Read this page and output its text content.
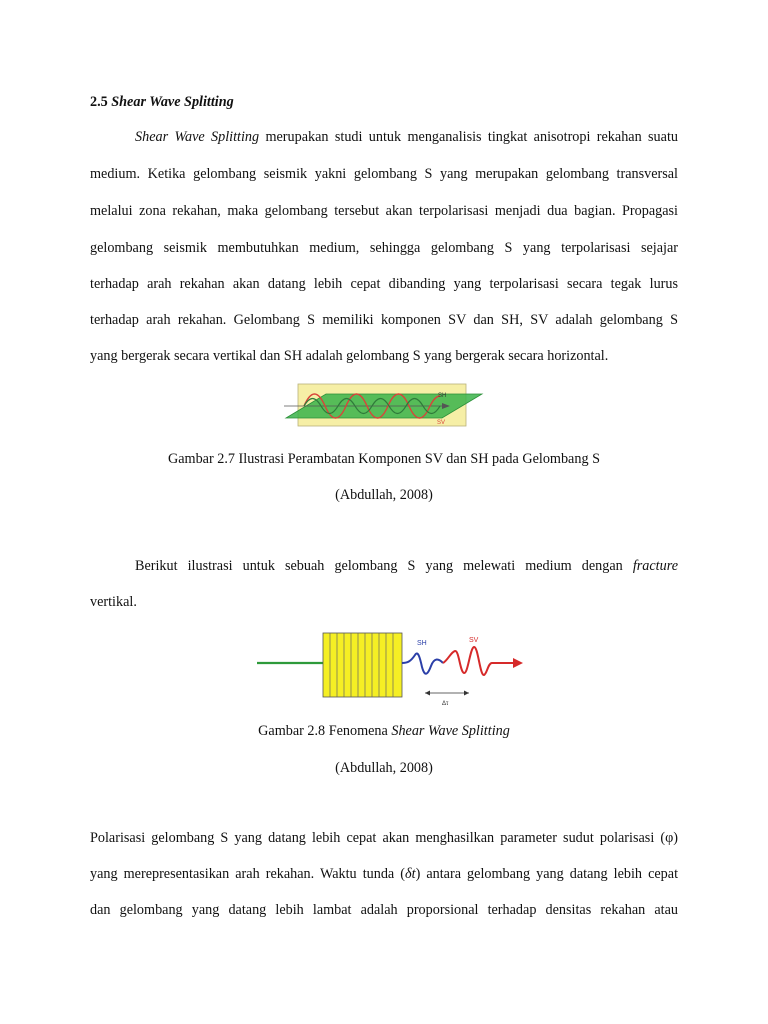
2.5 Shear Wave Splitting
Shear Wave Splitting merupakan studi untuk menganalisis tingkat anisotropi rekahan suatu
medium. Ketika gelombang seismik yakni gelombang S yang merupakan gelombang transversal
melalui zona rekahan, maka gelombang tersebut akan terpolarisasi menjadi dua bagian. Propagasi
gelombang seismik membutuhkan medium, sehingga gelombang S yang terpolarisasi sejajar
terhadap arah rekahan akan datang lebih cepat dibanding yang terpolarisasi secara tegak lurus
terhadap arah rekahan. Gelombang S memiliki komponen SV dan SH, SV adalah gelombang S
yang bergerak secara vertikal dan SH adalah gelombang S yang bergerak secara horizontal.
SH
SV
Gambar 2.7 Ilustrasi Perambatan Komponen SV dan SH pada Gelombang S
(Abdullah, 2008)
Berikut ilustrasi untuk sebuah gelombang S yang melewati medium dengan fracture
vertikal.
SH	SV
Δτ
Gambar 2.8 Fenomena Shear Wave Splitting
(Abdullah, 2008)
Polarisasi gelombang S yang datang lebih cepat akan menghasilkan parameter sudut polarisasi (φ)
yang merepresentasikan arah rekahan. Waktu tunda (δt) antara gelombang yang datang lebih cepat
dan gelombang yang datang lebih lambat adalah proporsional terhadap densitas rekahan atau
